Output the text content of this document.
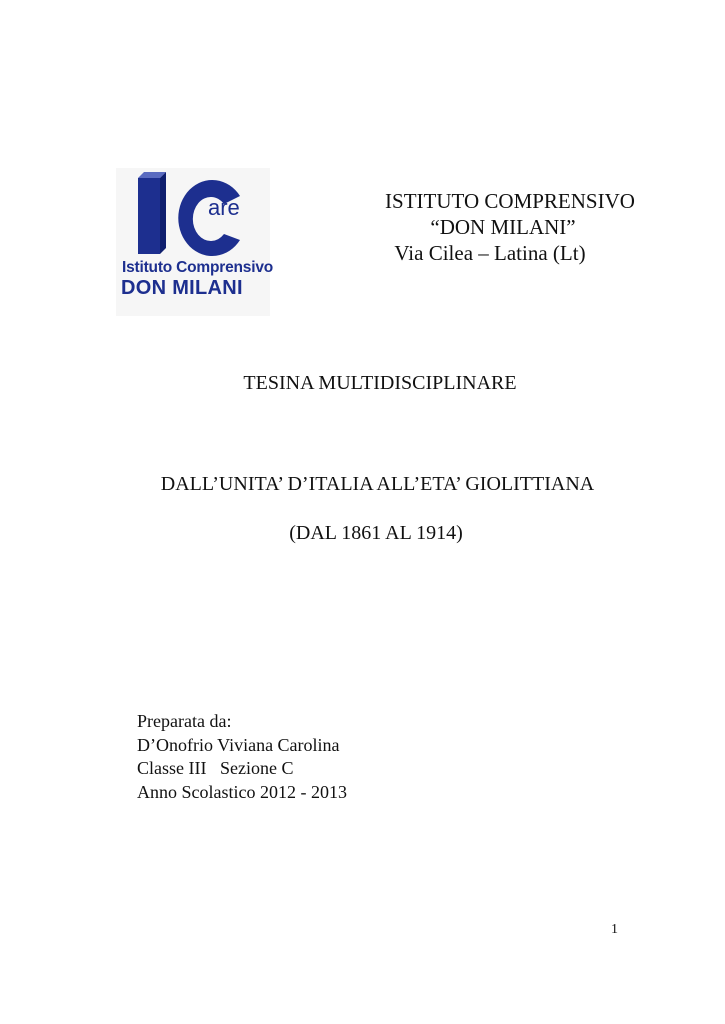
are
Istituto Comprensivo
DON MILANI
ISTITUTO COMPRENSIVO
“DON MILANI”
Via Cilea – Latina (Lt)
TESINA MULTIDISCIPLINARE
DALL’UNITA’ D’ITALIA ALL’ETA’ GIOLITTIANA
(DAL 1861 AL 1914)
Preparata da:
D’Onofrio Viviana Carolina
Classe III   Sezione C
Anno Scolastico 2012 - 2013
1
